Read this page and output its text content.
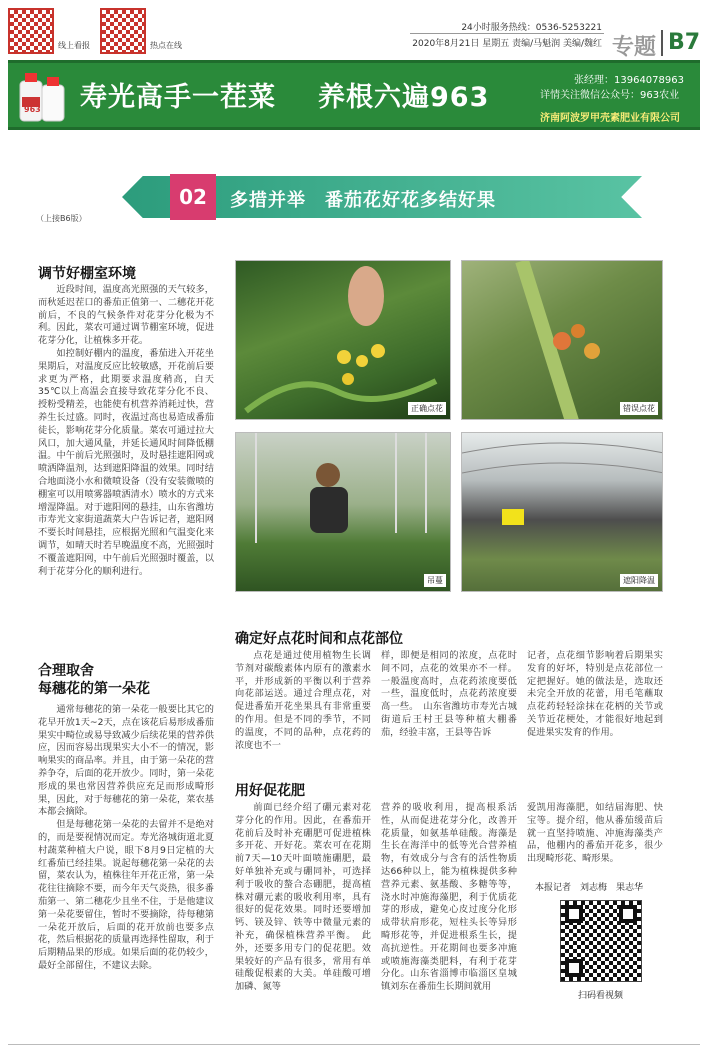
线上看报	热点在线
24小时服务热线：0536-5253221
2020年8月21日 星期五 责编/马魁润 美编/魏红 专题 B7
963 寿光高手一茬菜 养根六遍963
张经理：13964078963
详情关注微信公众号：963农业
济南阿波罗甲壳素肥业有限公司
02	多措并举　番茄花好花多结好果
（上接B6版）
调节好棚室环境

近段时间，温度高光照强的天气较多，而秋延迟茬口的番茄正值第一、二穗花开花前后，不良的气候条件对花芽分化极为不利。因此，菜农可通过调节棚室环境，促进花芽分化，让植株多开花。

如控制好棚内的温度，番茄进入开花坐果期后，对温度反应比较敏感，开花前后要求更为严格，此期要求温度稍高，白天35℃以上高温会直接导致花芽分化不良、授粉受精差，也能使有机营养消耗过快，营养生长过盛。同时，夜温过高也易造成番茄徒长，影响花芽分化质量。菜农可通过拉大风口，加大通风量，并延长通风时间降低棚温。中午前后光照强时，及时悬挂遮阳网或喷洒降温剂，达到遮阳降温的效果。同时结合地面浇小水和微喷设备（没有安装微喷的棚室可以用喷雾器喷洒清水）喷水的方式来增湿降温。对于遮阳网的悬挂，山东省潍坊市寿光文家街道蔬菜大户告诉记者，遮阳网不要长时间悬挂，应根据光照和气温变化来调节，如晴天时若早晚温度不高，光照强时不覆盖遮阳网，中午前后光照强时覆盖，以利于花芽分化的顺利进行。

正确点花	错误点花
吊蔓	遮阳降温
合理取舍
每穗花的第一朵花

通常每穗花的第一朵花一般要比其它的花早开放1天~2天，点在该花后易形成番茄果实中畸位或易导致减少后续花果的营养供应，因而容易出现果实大小不一的情况，影响果实的商品率。并且，由于第一朵花的营养争夺，后面的花开放少。同时，第一朵花形成的果也常因营养供应充足而形成畸形果，因此，对于每穗花的第一朵花，菜农基本都会摘除。

但是每穗花第一朵花的去留并不是绝对的，而是要视情况而定。寿光洛城街道北夏村蔬菜种植大户说，眼下8月9日定植的大红番茄已经挂果。说起每穗花第一朵花的去留，菜农认为，植株往年开花正常，第一朵花往往摘除不要，而今年天气炎热，很多番茄第一、第二穗花少且坐不住，于是他建议第一朵花要留住，暂时不要摘除，待每穗第一朵花开放后，后面的花开放前也要多点花，然后根据花的质量再选择性留取，利于后期精品果的形成。如果后面的花仍较少，最好全部留住，不建议去除。

确定好点花时间和点花部位

点花是通过使用植物生长调节剂对碳酸素体内原有的激素水平，并形成新的平衡以利于营养向花部运送。通过合理点花，对促进番茄开花坐果具有非常重要的作用。但是不同的季节，不同的温度，不同的品种，点花药的浓度也不一

样，即便是相同的浓度，点花时间不同，点花的效果亦不一样。一般温度高时，点花药浓度要低一些，温度低时，点花药浓度要高一些。　山东省潍坊市寿光古城街道后王村王县等种植大棚番茄，经验丰富，王县等告诉

记者，点花细节影响着后期果实发育的好坏，特别是点花部位一定把握好。她的做法是，选取还未完全开放的花蕾，用毛笔蘸取点花药轻轻涂抹在花柄的关节或关节近花梗处，才能很好地起到促进果实发育的作用。

用好促花肥

前面已经介绍了硼元素对花芽分化的作用。因此，在番茄开花前后及时补充硼肥可促进植株多开花、开好花。菜农可在花期前7天—10天叶面喷施硼肥，最好单独补充或与硼同补，可选择利于吸收的螯合态硼肥，提高植株对硼元素的吸收利用率，具有很好的促花效果。同时还要增加钙、镁及锌、铁等中微量元素的补充，确保植株营养平衡。　此外，还要多用专门的促花肥。效果较好的产品有很多，常用有单硅酸促根素的大美。单硅酸可增加磷、氮等

营养的吸收利用，提高根系活性，从而促进花芽分化，改善开花质量，如氨基单硅酸。海藻是生长在海洋中的低等光合营养植物，有效成分与含有的活性物质达66种以上，能为植株提供多种营养元素、氨基酸、多糖等等，浇水时冲施海藻肥，利于优质花芽的形成，避免心皮过度分化形成带状肩形花，短柱头长等异形畸形花等，并促进根系生长，提高抗逆性。开花期间也要多冲施或喷施海藻类肥料，有利于花芽分化。山东省淄博市临淄区皇城镇刘东在番茄生长期间就用

爱凯用海藻肥，如结届海肥、快宝等。提介绍，他从番茄缓苗后就一直坚持喷施、冲施海藻类产品，他棚内的番茄开花多，很少出现畸形花、畸形果。

本报记者　刘志梅　果志华
扫码看视频
